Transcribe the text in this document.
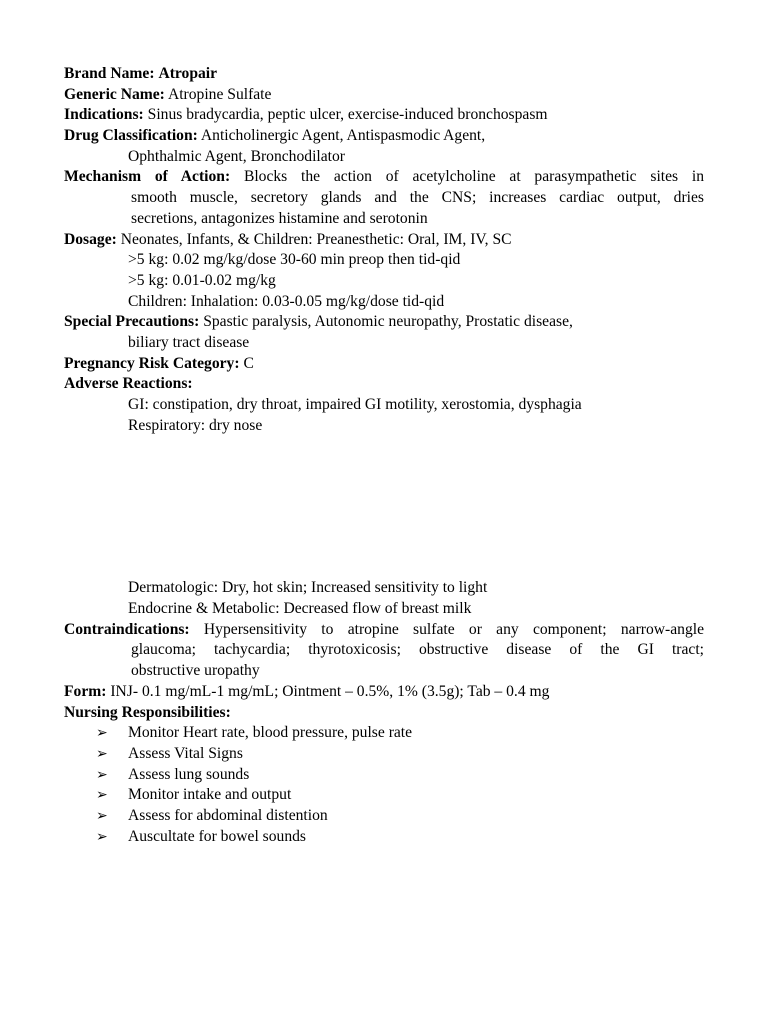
Brand Name: Atropair
Generic Name: Atropine Sulfate
Indications: Sinus bradycardia, peptic ulcer, exercise-induced bronchospasm
Drug Classification: Anticholinergic Agent, Antispasmodic Agent,
Ophthalmic Agent, Bronchodilator
Mechanism of Action: Blocks the action of acetylcholine at parasympathetic sites in
smooth muscle, secretory glands and the CNS; increases cardiac output, dries
secretions, antagonizes histamine and serotonin
Dosage: Neonates, Infants, & Children: Preanesthetic: Oral, IM, IV, SC
>5 kg: 0.02 mg/kg/dose 30-60 min preop then tid-qid
>5 kg: 0.01-0.02 mg/kg
Children: Inhalation: 0.03-0.05 mg/kg/dose tid-qid
Special Precautions: Spastic paralysis, Autonomic neuropathy, Prostatic disease,
biliary tract disease
Pregnancy Risk Category: C
Adverse Reactions:
GI: constipation, dry throat, impaired GI motility, xerostomia, dysphagia
Respiratory: dry nose
Dermatologic: Dry, hot skin; Increased sensitivity to light
Endocrine & Metabolic: Decreased flow of breast milk
Contraindications: Hypersensitivity to atropine sulfate or any component; narrow-angle
glaucoma; tachycardia; thyrotoxicosis; obstructive disease of the GI tract;
obstructive uropathy
Form: INJ- 0.1 mg/mL-1 mg/mL; Ointment – 0.5%, 1% (3.5g); Tab – 0.4 mg
Nursing Responsibilities:
➢ Monitor Heart rate, blood pressure, pulse rate
➢ Assess Vital Signs
➢ Assess lung sounds
➢ Monitor intake and output
➢ Assess for abdominal distention
➢ Auscultate for bowel sounds
